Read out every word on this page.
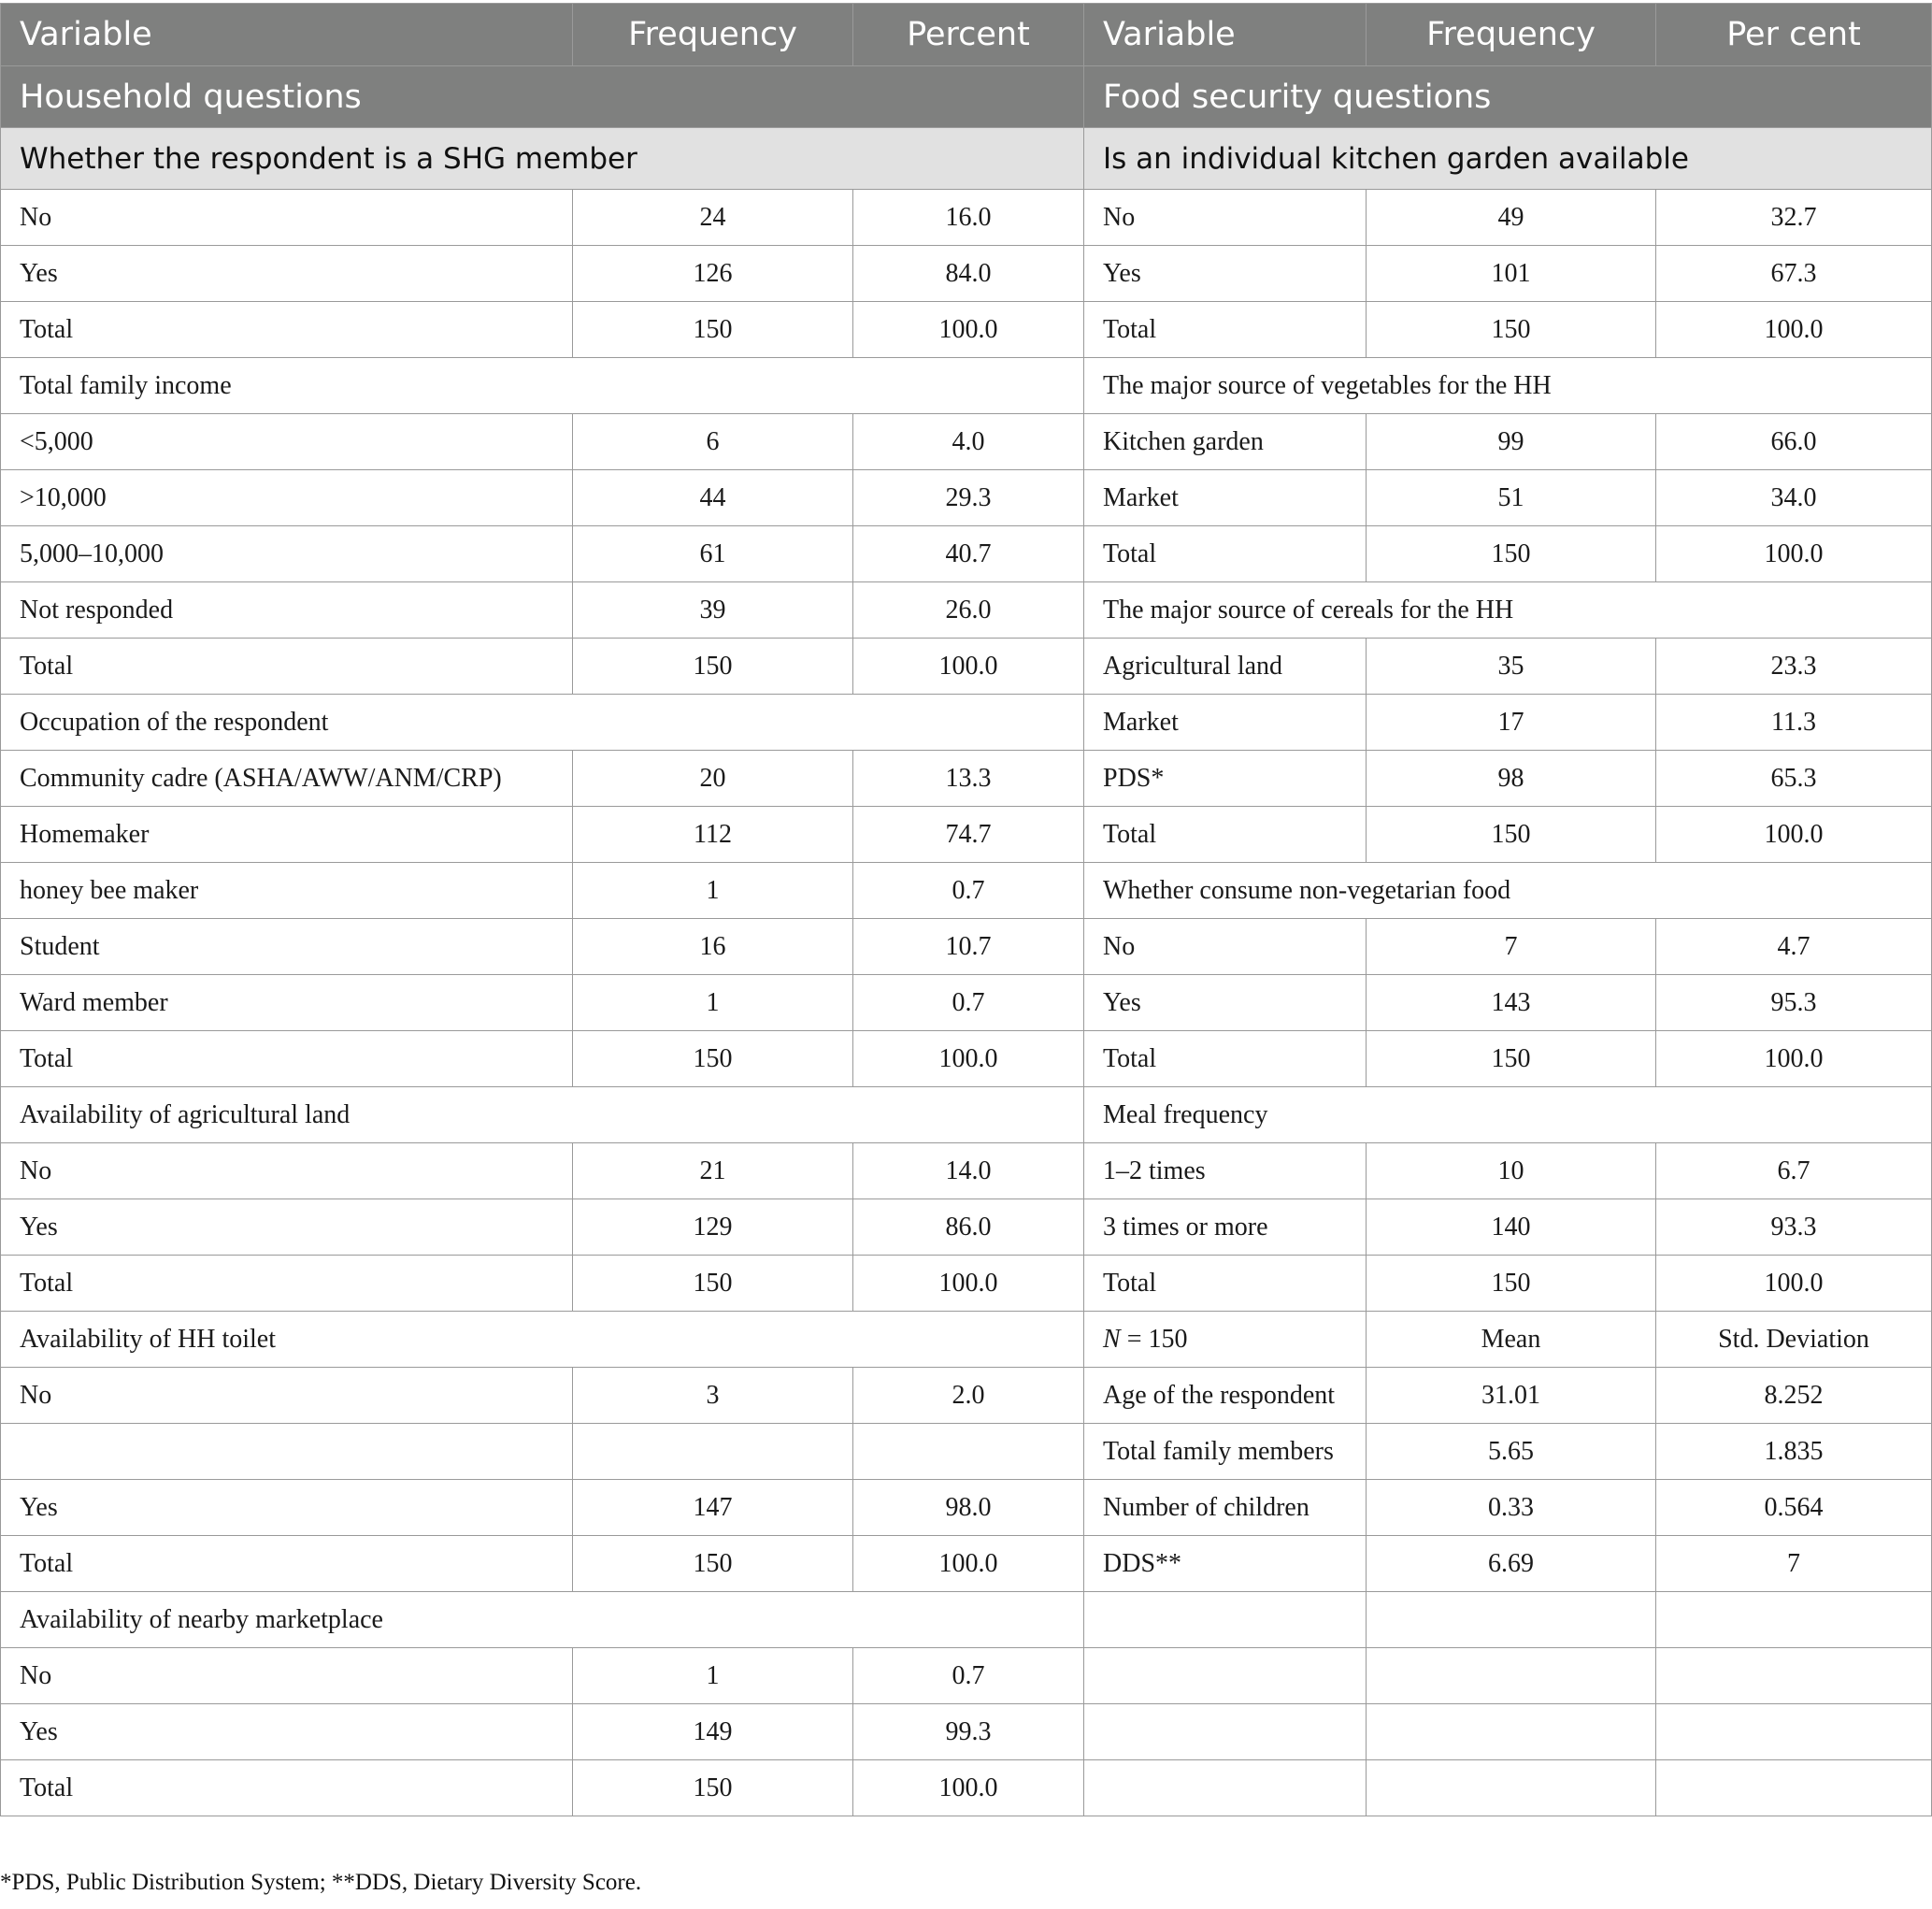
Variable	Frequency	Percent	Variable	Frequency	Per cent
Household questions			Food security questions		
Whether the respondent is a SHG member			Is an individual kitchen garden available		
No	24	16.0	No	49	32.7
Yes	126	84.0	Yes	101	67.3
Total	150	100.0	Total	150	100.0
Total family income			The major source of vegetables for the HH		
<5,000	6	4.0	Kitchen garden	99	66.0
>10,000	44	29.3	Market	51	34.0
5,000–10,000	61	40.7	Total	150	100.0
Not responded	39	26.0	The major source of cereals for the HH		
Total	150	100.0	Agricultural land	35	23.3
Occupation of the respondent			Market	17	11.3
Community cadre (ASHA/AWW/ANM/CRP)	20	13.3	PDS*	98	65.3
Homemaker	112	74.7	Total	150	100.0
honey bee maker	1	0.7	Whether consume non-vegetarian food		
Student	16	10.7	No	7	4.7
Ward member	1	0.7	Yes	143	95.3
Total	150	100.0	Total	150	100.0
Availability of agricultural land			Meal frequency		
No	21	14.0	1–2 times	10	6.7
Yes	129	86.0	3 times or more	140	93.3
Total	150	100.0	Total	150	100.0
Availability of HH toilet			N = 150	Mean	Std. Deviation
No	3	2.0	Age of the respondent	31.01	8.252
			Total family members	5.65	1.835
Yes	147	98.0	Number of children	0.33	0.564
Total	150	100.0	DDS**	6.69	7
Availability of nearby marketplace					
No	1	0.7			
Yes	149	99.3			
Total	150	100.0			
*PDS, Public Distribution System; **DDS, Dietary Diversity Score.
